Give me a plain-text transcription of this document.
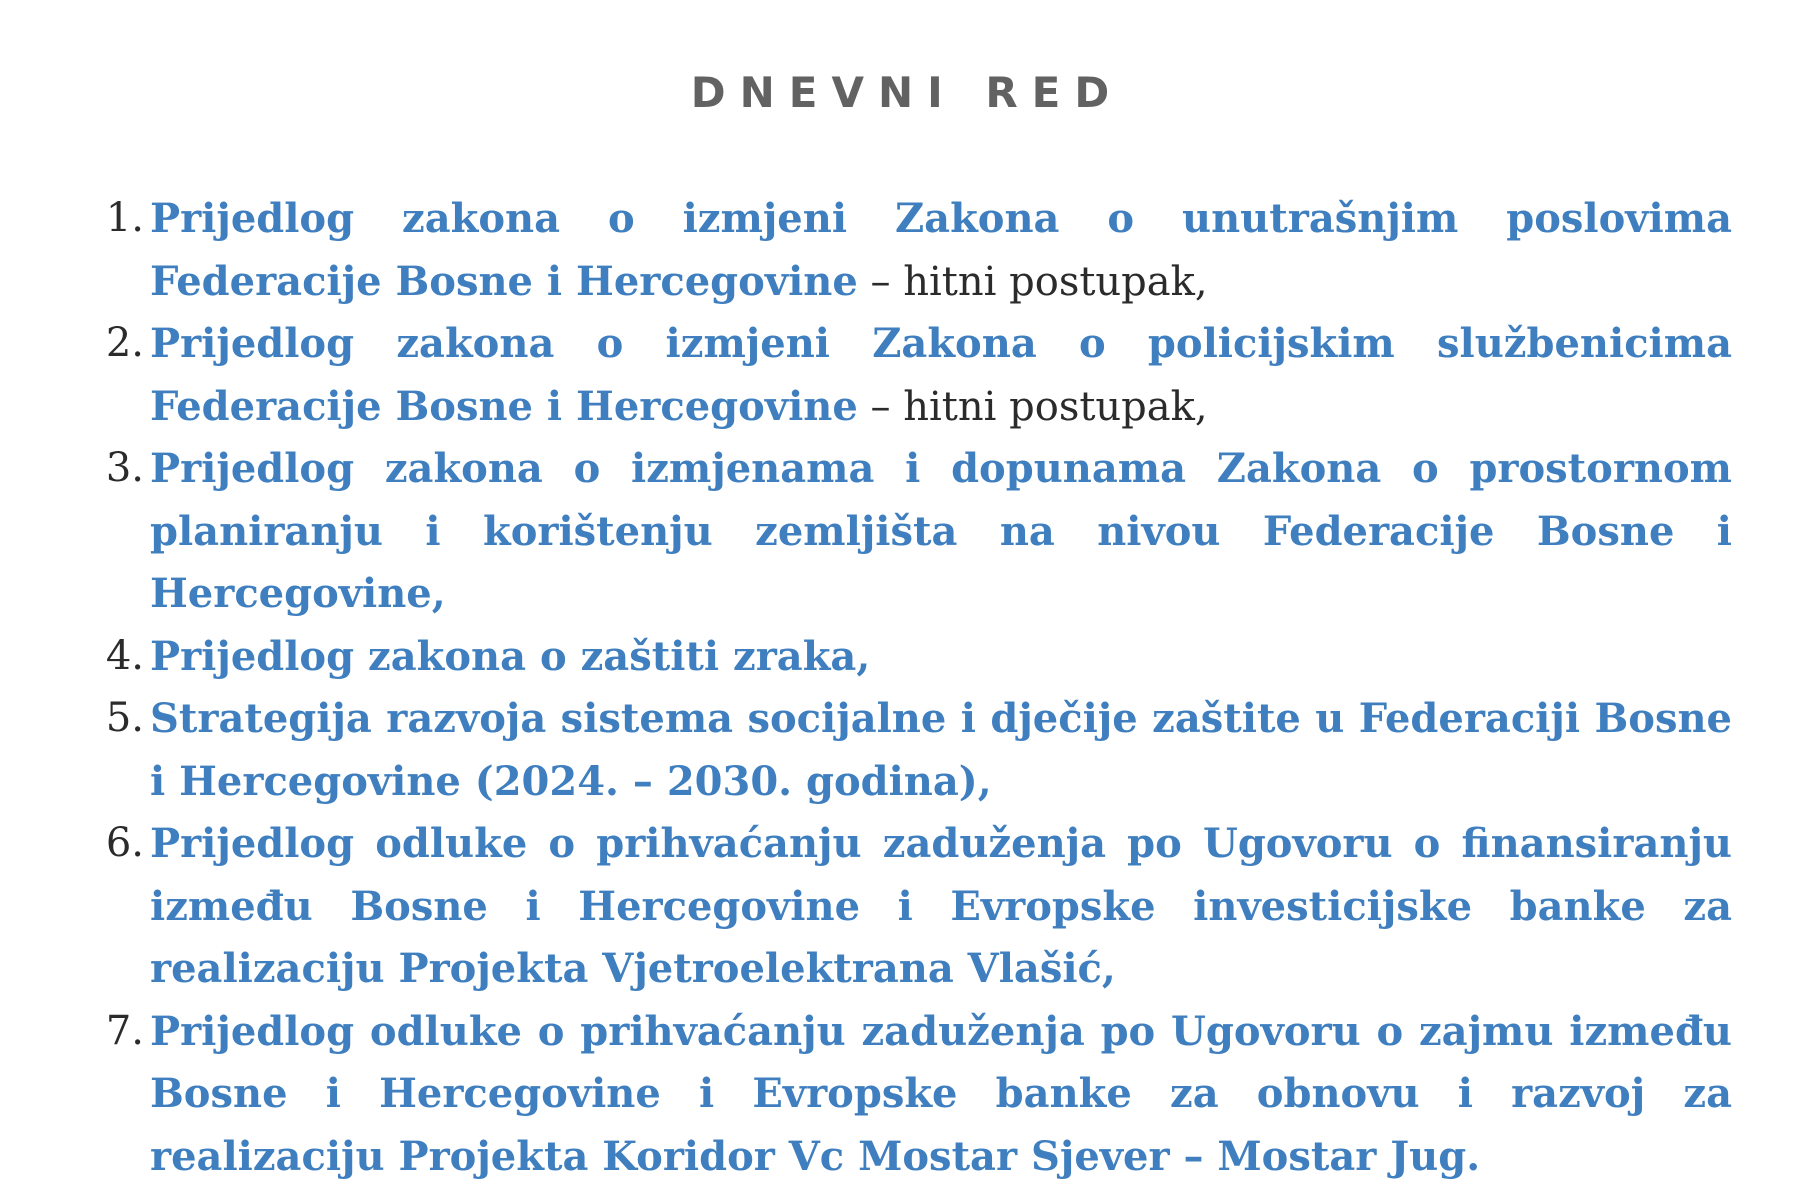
DNEVNI RED
1. Prijedlog zakona o izmjeni Zakona o unutrašnjim poslovima Federacije Bosne i Hercegovine – hitni postupak,
2. Prijedlog zakona o izmjeni Zakona o policijskim službenicima Federacije Bosne i Hercegovine – hitni postupak,
3. Prijedlog zakona o izmjenama i dopunama Zakona o prostornom planiranju i korištenju zemljišta na nivou Federacije Bosne i Hercegovine,
4. Prijedlog zakona o zaštiti zraka,
5. Strategija razvoja sistema socijalne i dječije zaštite u Federaciji Bosne i Hercegovine (2024. – 2030. godina),
6. Prijedlog odluke o prihvaćanju zaduženja po Ugovoru o finansiranju između Bosne i Hercegovine i Evropske investicijske banke za realizaciju Projekta Vjetroelektrana Vlašić,
7. Prijedlog odluke o prihvaćanju zaduženja po Ugovoru o zajmu između Bosne i Hercegovine i Evropske banke za obnovu i razvoj za realizaciju Projekta Koridor Vc Mostar Sjever – Mostar Jug.
